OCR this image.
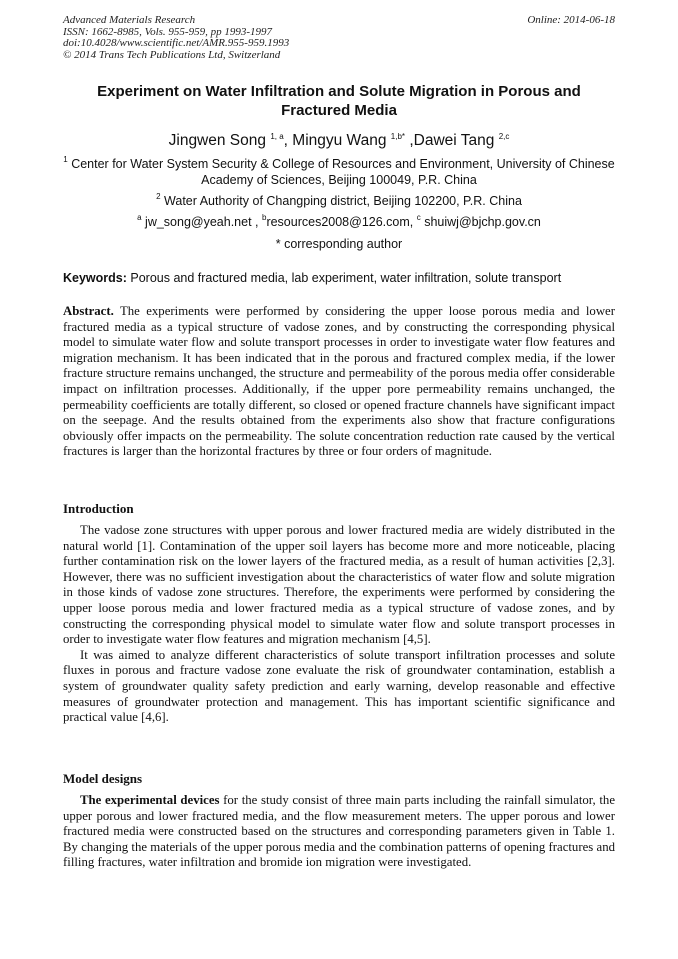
Advanced Materials Research
ISSN: 1662-8985, Vols. 955-959, pp 1993-1997
doi:10.4028/www.scientific.net/AMR.955-959.1993
© 2014 Trans Tech Publications Ltd, Switzerland
Online: 2014-06-18
Experiment on Water Infiltration and Solute Migration in Porous and Fractured Media
Jingwen Song $^{1, a}$, Mingyu Wang $^{1,b*}$ ,Dawei Tang $^{2,c}$
$^1$ Center for Water System Security & College of Resources and Environment, University of Chinese Academy of Sciences, Beijing 100049, P.R. China
$^2$ Water Authority of Changping district, Beijing 102200, P.R. China
$^a$ jw_song@yeah.net , $^b$resources2008@126.com, $^c$ shuiwj@bjchp.gov.cn
* corresponding author
Keywords: Porous and fractured media, lab experiment, water infiltration, solute transport
Abstract. The experiments were performed by considering the upper loose porous media and lower fractured media as a typical structure of vadose zones, and by constructing the corresponding physical model to simulate water flow and solute transport processes in order to investigate water flow features and migration mechanism. It has been indicated that in the porous and fractured complex media, if the lower fracture structure remains unchanged, the structure and permeability of the porous media offer considerable impact on infiltration processes. Additionally, if the upper pore permeability remains unchanged, the permeability coefficients are totally different, so closed or opened fracture channels have significant impact on the seepage. And the results obtained from the experiments also show that fracture configurations obviously offer impacts on the permeability. The solute concentration reduction rate caused by the vertical fractures is larger than the horizontal fractures by three or four orders of magnitude.
Introduction

The vadose zone structures with upper porous and lower fractured media are widely distributed in the natural world [1]. Contamination of the upper soil layers has become more and more noticeable, placing further contamination risk on the lower layers of the fractured media, as a result of human activities [2,3]. However, there was no sufficient investigation about the characteristics of water flow and solute migration in those kinds of vadose zone structures. Therefore, the experiments were performed by considering the upper loose porous media and lower fractured media as a typical structure of vadose zones, and by constructing the corresponding physical model to simulate water flow and solute transport processes in order to investigate water flow features and migration mechanism [4,5].

It was aimed to analyze different characteristics of solute transport infiltration processes and solute fluxes in porous and fracture vadose zone evaluate the risk of groundwater contamination, establish a system of groundwater quality safety prediction and early warning, develop reasonable and effective measures of groundwater protection and management. This has important scientific significance and practical value [4,6].

Model designs

The experimental devices for the study consist of three main parts including the rainfall simulator, the upper porous and lower fractured media, and the flow measurement meters. The upper porous and lower fractured media were constructed based on the structures and corresponding parameters given in Table 1. By changing the materials of the upper porous media and the combination patterns of opening fractures and filling fractures, water infiltration and bromide ion migration were investigated.
